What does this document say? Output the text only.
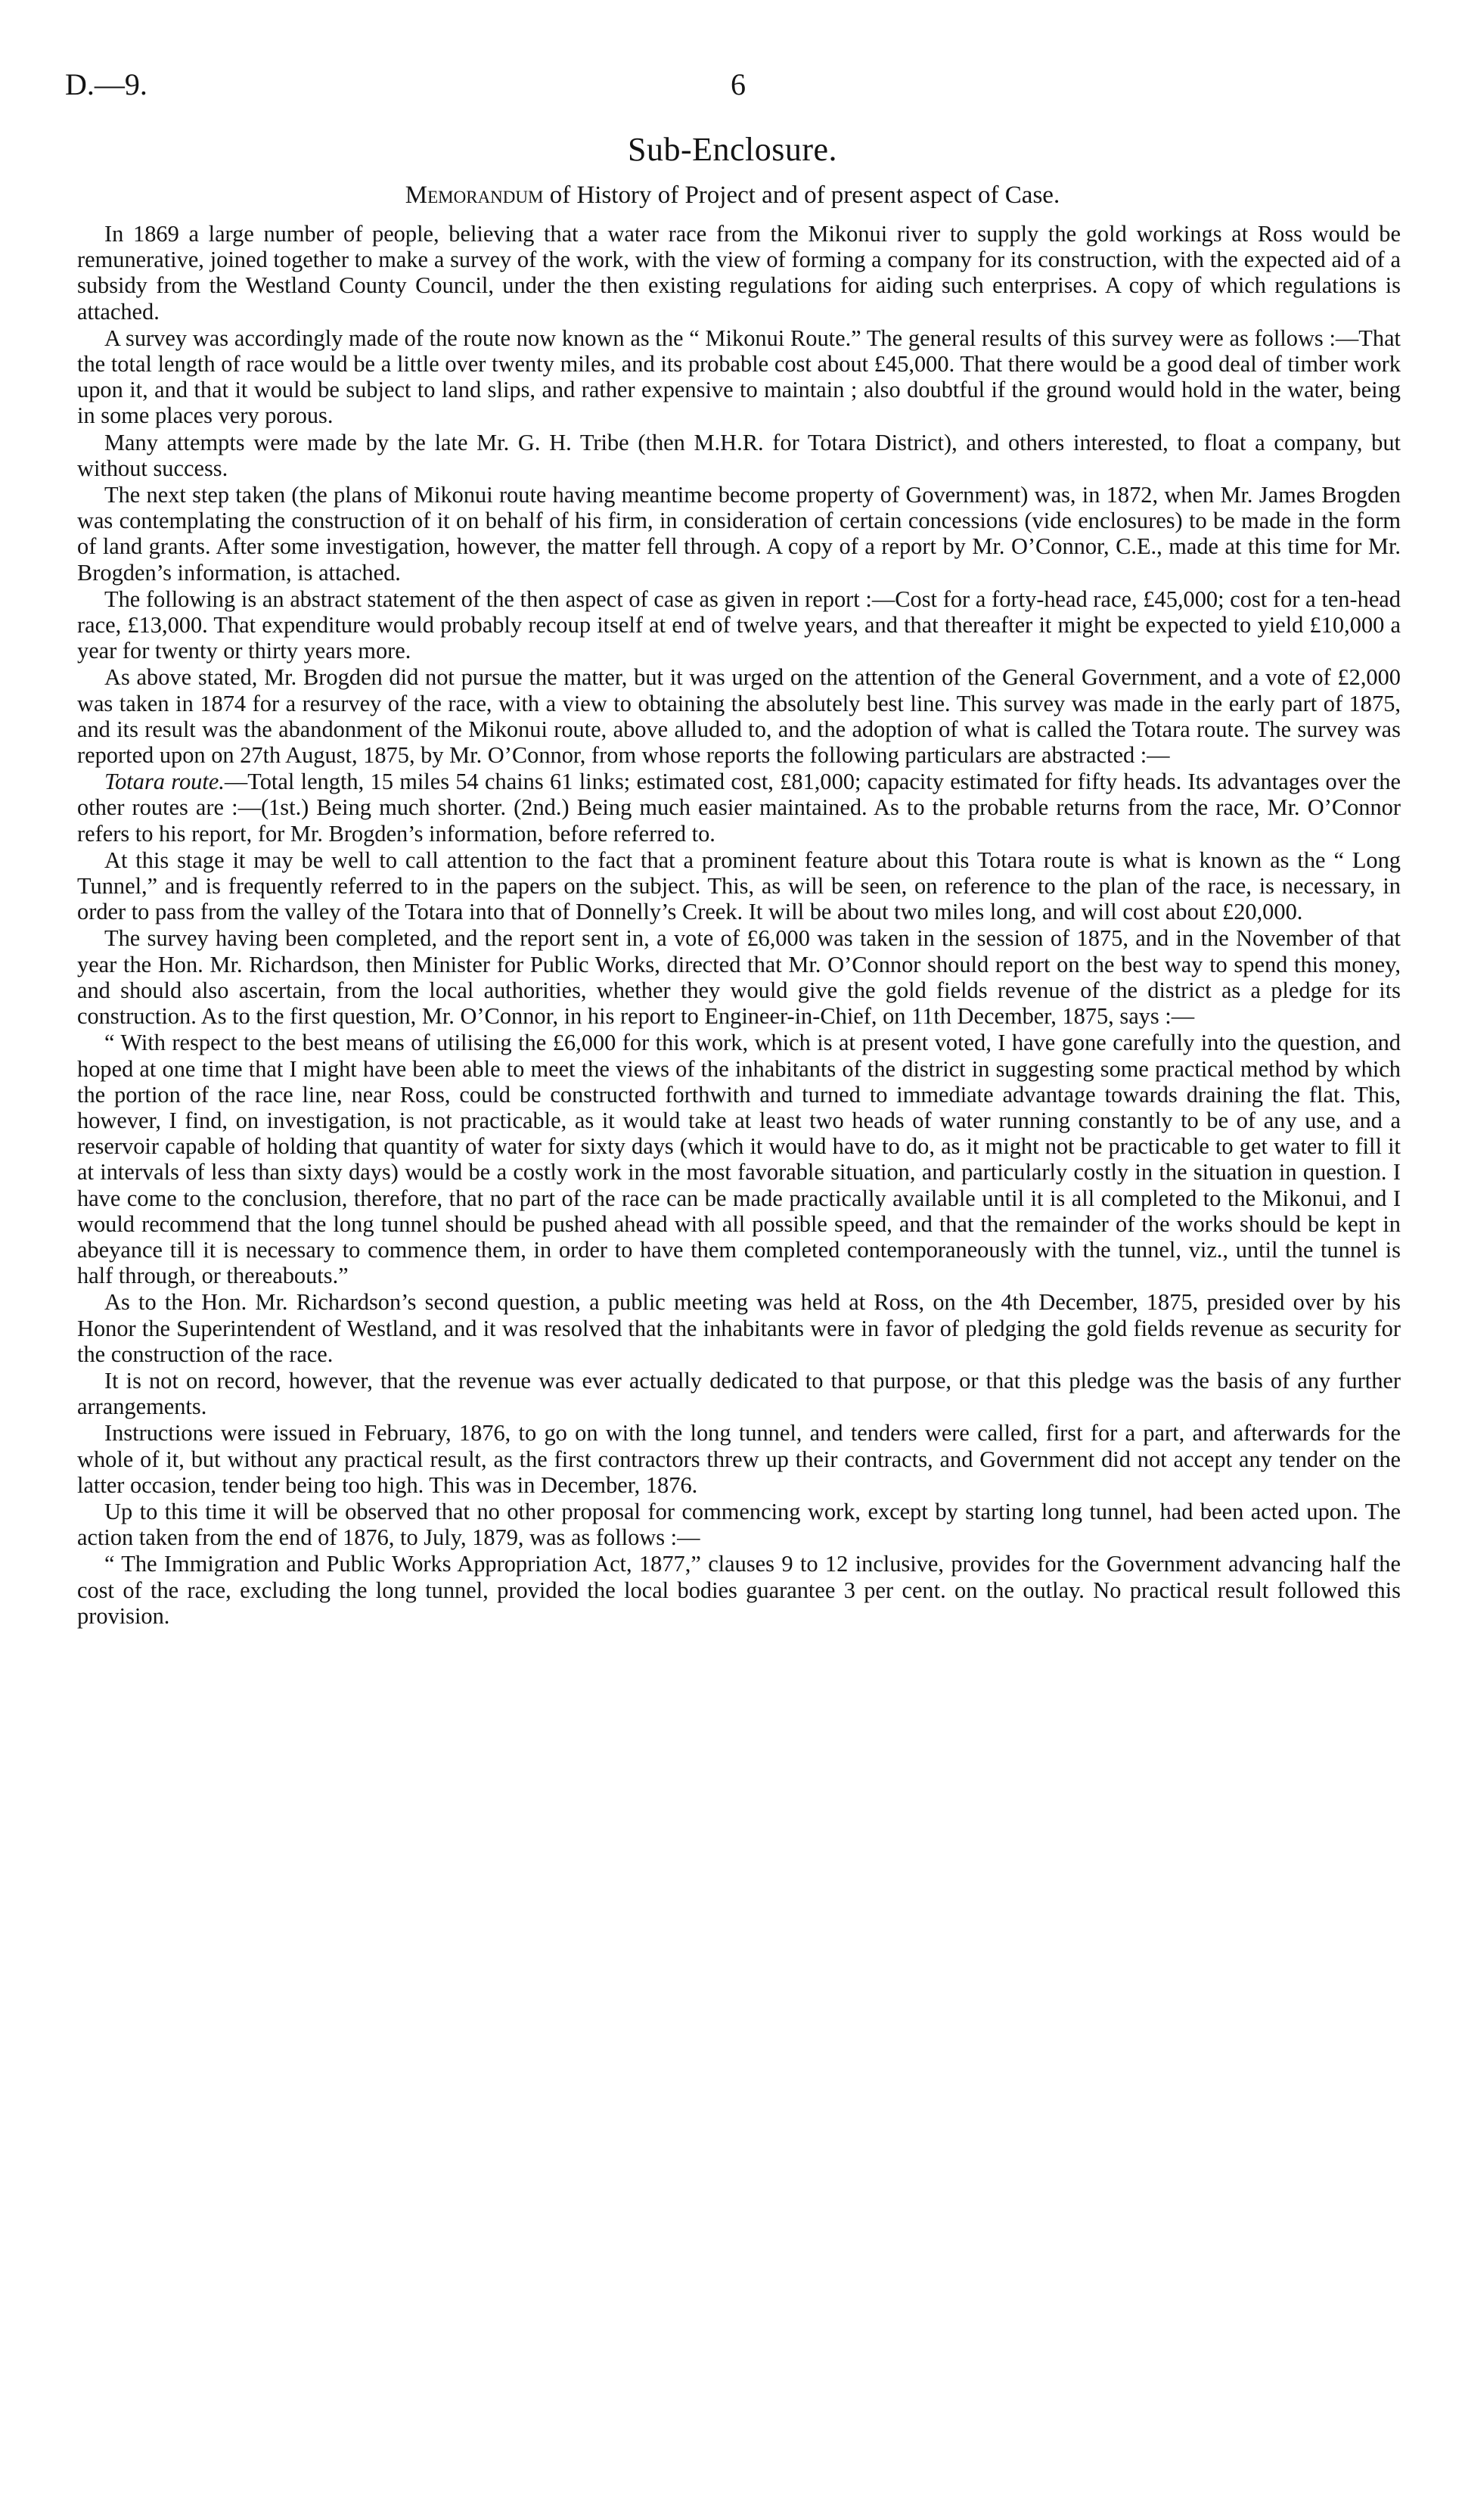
D.—9.	6
Sub-Enclosure.
Memorandum of History of Project and of present aspect of Case.

In 1869 a large number of people, believing that a water race from the Mikonui river to supply the gold workings at Ross would be remunerative, joined together to make a survey of the work, with the view of forming a company for its construction, with the expected aid of a subsidy from the Westland County Council, under the then existing regulations for aiding such enterprises. A copy of which regulations is attached.

A survey was accordingly made of the route now known as the “ Mikonui Route.” The general results of this survey were as follows :—That the total length of race would be a little over twenty miles, and its probable cost about £45,000. That there would be a good deal of timber work upon it, and that it would be subject to land slips, and rather expensive to maintain ; also doubtful if the ground would hold in the water, being in some places very porous.

Many attempts were made by the late Mr. G. H. Tribe (then M.H.R. for Totara District), and others interested, to float a company, but without success.

The next step taken (the plans of Mikonui route having meantime become property of Government) was, in 1872, when Mr. James Brogden was contemplating the construction of it on behalf of his firm, in consideration of certain concessions (vide enclosures) to be made in the form of land grants. After some investigation, however, the matter fell through. A copy of a report by Mr. O’Connor, C.E., made at this time for Mr. Brogden’s information, is attached.

The following is an abstract statement of the then aspect of case as given in report :—Cost for a forty-head race, £45,000; cost for a ten-head race, £13,000. That expenditure would probably recoup itself at end of twelve years, and that thereafter it might be expected to yield £10,000 a year for twenty or thirty years more.

As above stated, Mr. Brogden did not pursue the matter, but it was urged on the attention of the General Government, and a vote of £2,000 was taken in 1874 for a resurvey of the race, with a view to obtaining the absolutely best line. This survey was made in the early part of 1875, and its result was the abandonment of the Mikonui route, above alluded to, and the adoption of what is called the Totara route. The survey was reported upon on 27th August, 1875, by Mr. O’Connor, from whose reports the following particulars are abstracted :—

Totara route.—Total length, 15 miles 54 chains 61 links; estimated cost, £81,000; capacity estimated for fifty heads. Its advantages over the other routes are :—(1st.) Being much shorter. (2nd.) Being much easier maintained. As to the probable returns from the race, Mr. O’Connor refers to his report, for Mr. Brogden’s information, before referred to.

At this stage it may be well to call attention to the fact that a prominent feature about this Totara route is what is known as the “ Long Tunnel,” and is frequently referred to in the papers on the subject. This, as will be seen, on reference to the plan of the race, is necessary, in order to pass from the valley of the Totara into that of Donnelly’s Creek. It will be about two miles long, and will cost about £20,000.

The survey having been completed, and the report sent in, a vote of £6,000 was taken in the session of 1875, and in the November of that year the Hon. Mr. Richardson, then Minister for Public Works, directed that Mr. O’Connor should report on the best way to spend this money, and should also ascertain, from the local authorities, whether they would give the gold fields revenue of the district as a pledge for its construction. As to the first question, Mr. O’Connor, in his report to Engineer-in-Chief, on 11th December, 1875, says :—

“ With respect to the best means of utilising the £6,000 for this work, which is at present voted, I have gone carefully into the question, and hoped at one time that I might have been able to meet the views of the inhabitants of the district in suggesting some practical method by which the portion of the race line, near Ross, could be constructed forthwith and turned to immediate advantage towards draining the flat. This, however, I find, on investigation, is not practicable, as it would take at least two heads of water running constantly to be of any use, and a reservoir capable of holding that quantity of water for sixty days (which it would have to do, as it might not be practicable to get water to fill it at intervals of less than sixty days) would be a costly work in the most favorable situation, and particularly costly in the situation in question. I have come to the conclusion, therefore, that no part of the race can be made practically available until it is all completed to the Mikonui, and I would recommend that the long tunnel should be pushed ahead with all possible speed, and that the remainder of the works should be kept in abeyance till it is necessary to commence them, in order to have them completed contemporaneously with the tunnel, viz., until the tunnel is half through, or thereabouts.”

As to the Hon. Mr. Richardson’s second question, a public meeting was held at Ross, on the 4th December, 1875, presided over by his Honor the Superintendent of Westland, and it was resolved that the inhabitants were in favor of pledging the gold fields revenue as security for the construction of the race.

It is not on record, however, that the revenue was ever actually dedicated to that purpose, or that this pledge was the basis of any further arrangements.

Instructions were issued in February, 1876, to go on with the long tunnel, and tenders were called, first for a part, and afterwards for the whole of it, but without any practical result, as the first contractors threw up their contracts, and Government did not accept any tender on the latter occasion, tender being too high. This was in December, 1876.

Up to this time it will be observed that no other proposal for commencing work, except by starting long tunnel, had been acted upon. The action taken from the end of 1876, to July, 1879, was as follows :—

“ The Immigration and Public Works Appropriation Act, 1877,” clauses 9 to 12 inclusive, provides for the Government advancing half the cost of the race, excluding the long tunnel, provided the local bodies guarantee 3 per cent. on the outlay. No practical result followed this provision.
